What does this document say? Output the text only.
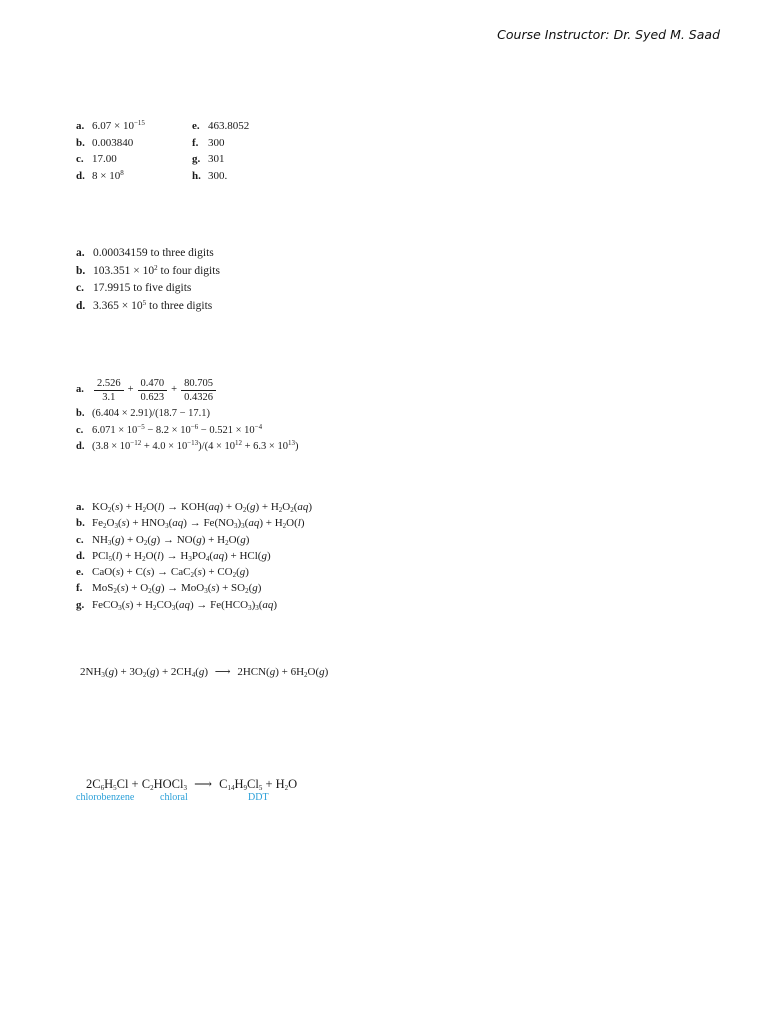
Course Instructor: Dr. Syed M. Saad
a. $6.07 \times 10^{-15}$	e. 463.8052
b. 0.003840	f. 300
c. 17.00	g. 301
d. $8 \times 10^8$	h. 300.
a. 0.00034159 to three digits
b. $103.351 \times 10^2$ to four digits
c. 17.9915 to five digits
d. $3.365 \times 10^5$ to three digits
a. $\frac{2.526}{3.1} + \frac{0.470}{0.623} + \frac{80.705}{0.4326}$
b. (6.404 × 2.91)/(18.7 − 17.1)
c. $6.071 \times 10^{-5} - 8.2 \times 10^{-6} - 0.521 \times 10^{-4}$
d. $(3.8 \times 10^{-12} + 4.0 \times 10^{-13})/(4 \times 10^{12} + 6.3 \times 10^{13})$
a. $KO_2(s) + H_2O(l) \to KOH(aq) + O_2(g) + H_2O_2(aq)$
b. $Fe_2O_3(s) + HNO_3(aq) \to Fe(NO_3)_3(aq) + H_2O(l)$
c. $NH_3(g) + O_2(g) \to NO(g) + H_2O(g)$
d. $PCl_5(l) + H_2O(l) \to H_3PO_4(aq) + HCl(g)$
e. $CaO(s) + C(s) \to CaC_2(s) + CO_2(g)$
f. $MoS_2(s) + O_2(g) \to MoO_3(s) + SO_2(g)$
g. FeCO$_3$(s) + $H_2CO_3(aq) \to Fe(HCO_3)_3(aq)$
$2NH_3(g) + 3O_2(g) + 2CH_4(g)$ ⟶ $2HCN(g) + 6H_2O(g)$
$2C_6H_5Cl$ + $C_2HOCl_3$ ⟶ $C_{14}H_9Cl_5 + H_2O$
chlorobenzene	chloral	DDT
